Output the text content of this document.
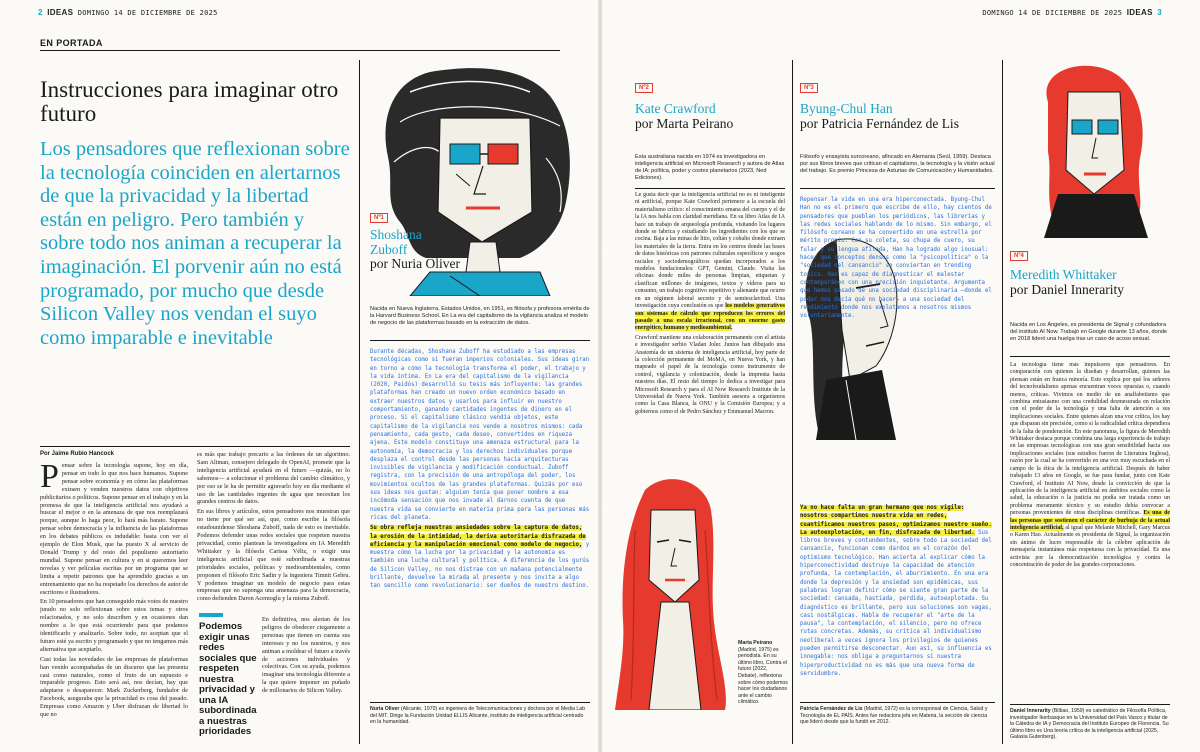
2 IDEAS DOMINGO 14 DE DICIEMBRE DE 2025
EN PORTADA
Instrucciones para imaginar otro futuro
Los pensadores que reflexionan sobre la tecnología coinciden en alertarnos de que la privacidad y la libertad están en peligro. Pero también y sobre todo nos animan a recuperar la imaginación. El porvenir aún no está programado, por mucho que desde Silicon Valley nos vendan el suyo como imparable e inevitable
Por Jaime Rubio Hancock

Pensar sobre la tecnología supone, hoy en día, pensar en todo lo que nos hace humanos. Supone pensar sobre economía y en cómo las plataformas extraen y venden nuestros datos con objetivos publicitarios o políticos. Supone pensar en el trabajo y en la promesa de que la inteligencia artificial nos ayudará a buscar el mejor o en la amenaza de que nos reemplazará porque, aunque lo haga peor, lo hará más barato. Supone pensar sobre democracia y la influencia de las plataformas en los debates públicos es indudable: basta con ver el ejemplo de Elon Musk, que ha puesto X al servicio de Donald Trump y del resto del populismo autoritario mundial. Supone pensar en cultura y en si queremos leer novelas y ver películas escritas por un programa que se limita a repetir patrones que ha aprendido gracias a un entrenamiento que no ha respetado los derechos de autor de escritores e ilustradores.

En 10 pensadores que han conseguido más votos de nuestro jurado no solo reflexionan sobre estos temas y otros relacionados, y no solo describen y en ocasiones dan nombre a lo que está ocurriendo para que podamos identificarlo y analizarlo. Sobre todo, no aceptan que el futuro esté ya escrito y programado y que no tengamos más alternativa que aceptarlo.

Casi todas las novedades de las empresas de plataformas han venido acompañadas de un discurso que las presenta casi como naturales, como el fruto de un supuesto e imparable progreso. Esto será así, nos decían, hay que adaptarse o desaparecer. Mark Zuckerberg, fundador de Facebook, aseguraba que la privacidad es cosa del pasado. Empresas como Amazon y Uber disfrazan de libertad lo que no

es más que trabajo precario a las órdenes de un algoritmo. Sam Altman, consejero delegado de OpenAI, promete que la inteligencia artificial ayudará en el futuro —quizás, no lo sabemos— a solucionar el problema del cambio climático, y por eso se le ha de permitir agravarlo hoy en día mediante el uso de las cantidades ingentes de agua que necesitan los grandes centros de datos.

En sus libros y artículos, estos pensadores nos muestran que no tiene por qué ser así, que, como escribe la filósofa estadounidense Shoshana Zuboff, nada de esto es inevitable. Podemos defender unas redes sociales que respeten nuestra privacidad, como plantean la investigadora en IA Meredith Whittaker y la filósofa Carissa Véliz, o exigir una inteligencia artificial que esté subordinada a nuestras prioridades sociales, políticas y medioambientales, como proponen el filósofo Eric Sadin y la ingeniera Timnit Gebru. Y podemos imaginar un modelo de negocio para estas empresas que no suponga una amenaza para la democracia, como defienden Daron Acemoglu y la misma Zuboff.

Podemos exigir unas redes sociales que respeten nuestra privacidad y una IA subordinada a nuestras prioridades

En definitiva, nos alertan de los peligros de obedecer ciegamente a personas que tienen en cuenta sus intereses y no los nuestros, y nos animan a moldear el futuro a través de acciones individuales y colectivas. Con su ayuda, podemos imaginar una tecnología diferente a la que quiere imponer un puñado de millonarios de Silicon Valley.

Nº1
Shoshana Zuboff
por Nuria Oliver
Nacida en Nueva Inglaterra, Estados Unidos, en 1951, es filósofa y profesora emérita de la Harvard Business School. En La era del capitalismo de la vigilancia analiza el modelo de negocio de las plataformas basado en la extracción de datos.

Durante décadas, Shoshana Zuboff ha estudiado a las empresas tecnológicas como si fueran imperios coloniales. Sus ideas giran en torno a cómo la tecnología transforma el poder, el trabajo y la vida íntima. En La era del capitalismo de la vigilancia (2020, Paidós) desarrolló su tesis más influyente: las grandes plataformas han creado un nuevo orden económico basado en extraer nuestros datos y usarlos para influir en nuestro comportamiento, ganando cantidades ingentes de dinero en el proceso. Si el capitalismo clásico vendía objetos, este capitalismo de la vigilancia nos vende a nosotros mismos: cada pensamiento, cada gesto, cada deseo, convertidos en riqueza ajena. Este modelo constituye una amenaza estructural para la autonomía, la democracia y los derechos individuales porque desplaza el control desde las personas hacia arquitecturas invisibles de vigilancia y modificación conductual. Zuboff registra, con la precisión de una antropóloga del poder, los movimientos ocultos de las grandes plataformas. Quizás por eso sus ideas nos gustan: alguien tenía que poner nombre a esa incómoda sensación que nos invade al darnos cuenta de que nuestra vida se convierte en materia prima para las personas más ricas del planeta.

Su obra refleja nuestras ansiedades sobre la captura de datos, la erosión de la intimidad, la deriva autoritaria disfrazada de eficiencia y la manipulación emocional como modelo de negocio, y muestra cómo la lucha por la privacidad y la autonomía es también una lucha cultural y política. A diferencia de los gurús de Silicon Valley, no nos distrae con un mañana potencialmente brillante, devuelve la mirada al presente y nos invita a algo tan sencillo como revolucionario: ser dueños de nuestro destino.

Nuria Oliver (Alicante, 1970) es ingeniera de Telecomunicaciones y doctora por el Media Lab del MIT. Dirige la Fundación Unidad ELLIS Alicante, instituto de inteligencia artificial centrado en la humanidad.
DOMINGO 14 DE DICIEMBRE DE 2025 IDEAS 3
Nº2
Kate Crawford
por Marta Peirano
Esta australiana nacida en 1974 es investigadora en inteligencia artificial en Microsoft Research y autora de Atlas de IA: política, poder y costes planetarios (2023, Ned Ediciones).

Le gusta decir que la inteligencia artificial no es ni inteligente ni artificial, porque Kate Crawford pertenece a la escuela del materialismo crítico: el conocimiento emana del cuerpo y el de la IA nos habla con claridad meridiana. En su libro Atlas de IA hace un trabajo de arqueología profunda, visitando los lugares donde se fabrica y estudiando los ingredientes con los que se cocina. Baja a las minas de litio, coltán y cobalto donde extraen los materiales de la tierra. Entra en los centros donde las bases de datos históricas con patrones culturales específicos y sesgos raciales y sociodemográficos quedan incorporados a los modelos fundacionales: GPT, Gemini, Claude. Visita las oficinas donde miles de personas limpian, etiquetan y clasifican millones de imágenes, textos y vídeos para su consumo, un trabajo cognitivo repetitivo y alienante que ocurre en un régimen laboral secreto y de semiesclavitud. Una investigación cuya conclusión es que los modelos generativos son sistemas de cálculo que reproducen los errores del pasado a una escala irracional, con un enorme gasto energético, humano y medioambiental.

Crawford mantiene una colaboración permanente con el artista e investigador serbio Vladan Joler. Juntos han dibujado una Anatomía de un sistema de inteligencia artificial, hoy parte de la colección permanente del MoMA, en Nueva York, y han mapeado el papel de la tecnología como instrumento de control, vigilancia y colonización, desde la imprenta hasta nuestros días. El resto del tiempo lo dedica a investigar para Microsoft Research y para el AI Now Research Institute de la Universidad de Nueva York. También asesora a organismos como la Casa Blanca, la ONU y la Comisión Europea; y a gobiernos como el de Pedro Sánchez y Emmanuel Macron.

Marta Peirano
(Madrid, 1975) es periodista. En su último libro, Contra el futuro (2022, Debate), reflexiona sobre cómo podemos hacer los ciudadanos ante el cambio climático.
Nº3
Byung-Chul Han
por Patricia Fernández de Lis
Filósofo y ensayista surcoreano, afincado en Alemania (Seúl, 1959). Destaca por sus libros breves que critican el capitalismo, la tecnología y la visión actual del trabajo. Es premio Princesa de Asturias de Comunicación y Humanidades.

Repensar la vida en una era hiperconectada. Byung-Chul Han no es el primero que escribe de ello, hay cientos de pensadores que pueblan los periódicos, las librerías y las redes sociales hablando de lo mismo. Sin embargo, el filósofo coreano se ha convertido en una estrella por mérito propio. Con su coleta, su chupa de cuero, su fular y su lengua afilada, Han ha logrado algo inusual: hacer que conceptos densos como la "psicopolítica" o la "sociedad del cansancio" se conviertan en trending topics. Han es capaz de diagnosticar el malestar contemporáneo con una precisión inquietante. Argumenta que hemos pasado de una sociedad disciplinaria —donde el poder nos decía qué no hacer— a una sociedad del rendimiento donde nos explotamos a nosotros mismos voluntariamente.

Ya no hace falta un gran hermano que nos vigile: nosotros compartimos nuestra vida en redes, cuantificamos nuestros pasos, optimizamos nuestro sueño. La autoexplotación, en fin, disfrazada de libertad. Sus libros breves y contundentes, sobre todo La sociedad del cansancio, funcionan como dardos en el corazón del optimismo tecnológico. Han acierta al explicar cómo la hiperconectividad destruye la capacidad de atención profunda, la contemplación, el aburrimiento. En una era donde la depresión y la ansiedad son epidémicas, sus palabras logran definir cómo se siente gran parte de la sociedad: cansada, hastiada, perdida, autoexplotada. Su diagnóstico es brillante, pero sus soluciones son vagas, casi nostálgicas. Habla de recuperar el "arte de la pausa", la contemplación, el silencio, pero no ofrece rutas concretas. Además, su crítica al individualismo neoliberal a veces ignora los privilegios de quienes pueden permitirse desconectar. Aun así, su influencia es innegable: nos obliga a preguntarnos si nuestra hiperproductividad no es más que una nueva forma de servidumbre.

Patricia Fernández de Lis (Madrid, 1972) es la corresponsal de Ciencia, Salud y Tecnología de EL PAÍS. Antes fue redactora jefa en Materia, la sección de ciencia que lideró desde que la fundó en 2012.
Nº4
Meredith Whittaker
por Daniel Innerarity
Nacida en Los Ángeles, es presidenta de Signal y cofundadora del instituto AI Now. Trabajó en Google durante 13 años, donde en 2018 lideró una huelga tras un caso de acoso sexual.

La tecnología tiene más impulsores que pensadores. En comparación con quienes la diseñan y desarrollan, quienes las piensan están en franca minoría. Esto explica por qué los señores del tecnofeudalismo apenas encuentran voces opuestas o, cuando menos, críticas. Vivimos en medio de un analfabetismo que combina entusiasmo con una credulidad desmesurada en relación con el poder de la tecnología y una falta de atención a sus implicaciones sociales. Entre quienes alzan una voz crítica, los hay que disparan sin precisión, como si la radicalidad crítica dependiera de la falta de ponderación. En este panorama, la figura de Meredith Whittaker destaca porque combina una larga experiencia de trabajo en las empresas tecnológicas con una gran sensibilidad hacia sus implicaciones sociales (sus estudios fueron de Literatura Inglesa), razón por la cual se ha convertido en una voz muy escuchada en el campo de la ética de la inteligencia artificial. Después de haber trabajado 13 años en Google, se fue para fundar, junto con Kate Crawford, el Instituto AI Now, desde la convicción de que la aplicación de la inteligencia artificial en ámbitos sociales como la salud, la educación o la justicia no podía ser tratada como un problema meramente técnico y su estudio debía convocar a personas provenientes de otras disciplinas científicas. Es una de las personas que sostienen el carácter de burbuja de la actual inteligencia artificial, al igual que Melanie Mitchell, Gary Marcus o Karen Hao. Actualmente es presidenta de Signal, la organización sin ánimo de lucro responsable de la célebre aplicación de mensajería instantánea más respetuosa con la privacidad. Es una activista por la democratización tecnológica y contra la concentración de poder de las grandes corporaciones.

Daniel Innerarity (Bilbao, 1959) es catedrático de Filosofía Política, investigador Ikerbasque en la Universidad del País Vasco y titular de la Cátedra de IA y Democracia del Instituto Europeo de Florencia. Su último libro es Una teoría crítica de la inteligencia artificial (2025, Galaxia Gutenberg).
